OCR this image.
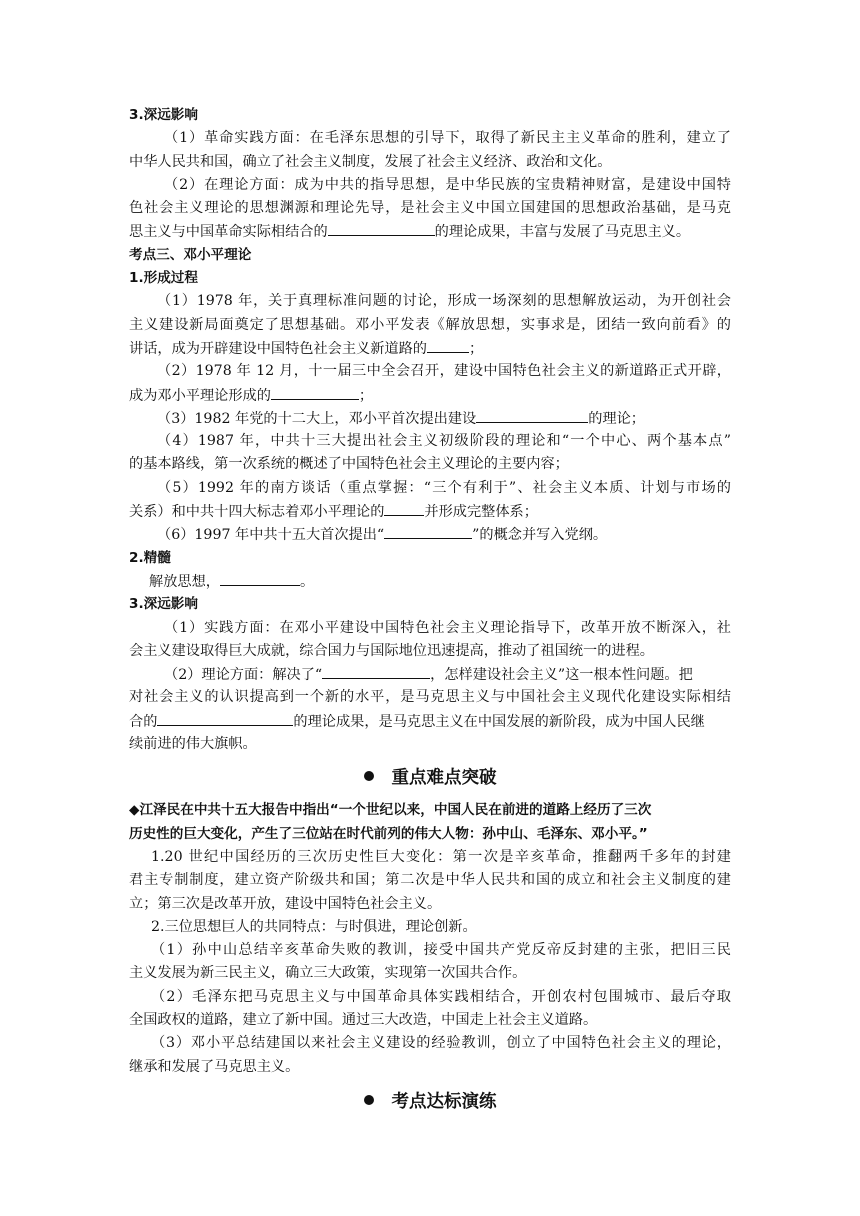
3.深远影响
（1）革命实践方面：在毛泽东思想的引导下，取得了新民主主义革命的胜利，建立了
中华人民共和国，确立了社会主义制度，发展了社会主义经济、政治和文化。
（2）在理论方面：成为中共的指导思想，是中华民族的宝贵精神财富，是建设中国特
色社会主义理论的思想渊源和理论先导，是社会主义中国立国建国的思想政治基础，是马克
思主义与中国革命实际相结合的	的理论成果，丰富与发展了马克思主义。
考点三、邓小平理论
1.形成过程
（1）1978 年，关于真理标准问题的讨论，形成一场深刻的思想解放运动，为开创社会
主义建设新局面奠定了思想基础。邓小平发表《解放思想，实事求是，团结一致向前看》的
讲话，成为开辟建设中国特色社会主义新道路的	；
（2）1978 年 12 月，十一届三中全会召开，建设中国特色社会主义的新道路正式开辟，
成为邓小平理论形成的	；
（3）1982 年党的十二大上，邓小平首次提出建设	的理论；
（4）1987 年，中共十三大提出社会主义初级阶段的理论和“一个中心、两个基本点”
的基本路线，第一次系统的概述了中国特色社会主义理论的主要内容；
（5）1992 年的南方谈话（重点掌握：“三个有利于”、社会主义本质、计划与市场的
关系）和中共十四大标志着邓小平理论的	并形成完整体系；
（6）1997 年中共十五大首次提出“	”的概念并写入党纲。
2.精髓
解放思想，	。
3.深远影响
（1）实践方面：在邓小平建设中国特色社会主义理论指导下，改革开放不断深入，社
会主义建设取得巨大成就，综合国力与国际地位迅速提高，推动了祖国统一的进程。
（2）理论方面：解决了“	，怎样建设社会主义”这一根本性问题。把
对社会主义的认识提高到一个新的水平，是马克思主义与中国社会主义现代化建设实际相结
合的	的理论成果，是马克思主义在中国发展的新阶段，成为中国人民继
续前进的伟大旗帜。
重点难点突破
◆江泽民在中共十五大报告中指出“一个世纪以来，中国人民在前进的道路上经历了三次
历史性的巨大变化，产生了三位站在时代前列的伟大人物：孙中山、毛泽东、邓小平。”
1.20 世纪中国经历的三次历史性巨大变化：第一次是辛亥革命，推翻两千多年的封建
君主专制制度，建立资产阶级共和国；第二次是中华人民共和国的成立和社会主义制度的建
立；第三次是改革开放，建设中国特色社会主义。
2.三位思想巨人的共同特点：与时俱进，理论创新。
（1）孙中山总结辛亥革命失败的教训，接受中国共产党反帝反封建的主张，把旧三民
主义发展为新三民主义，确立三大政策，实现第一次国共合作。
（2）毛泽东把马克思主义与中国革命具体实践相结合，开创农村包围城市、最后夺取
全国政权的道路，建立了新中国。通过三大改造，中国走上社会主义道路。
（3）邓小平总结建国以来社会主义建设的经验教训，创立了中国特色社会主义的理论，
继承和发展了马克思主义。
考点达标演练
